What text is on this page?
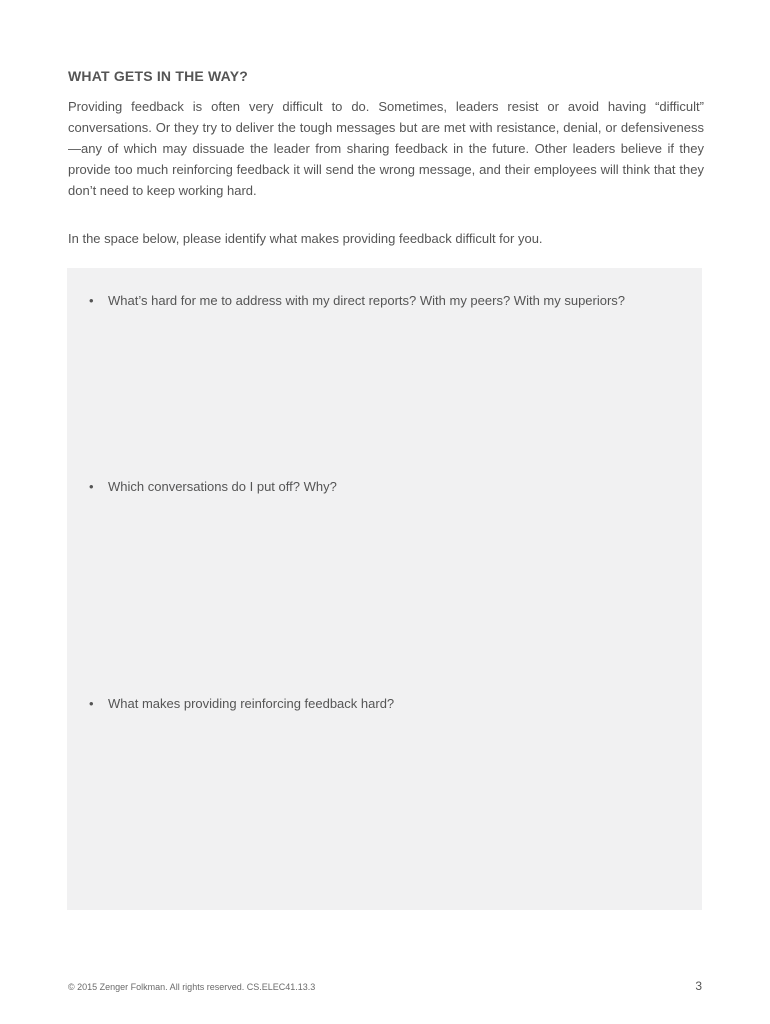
WHAT GETS IN THE WAY?

Providing feedback is often very difficult to do. Sometimes, leaders resist or avoid having “difficult” conversations. Or they try to deliver the tough messages but are met with resistance, denial, or defensiveness—any of which may dissuade the leader from sharing feedback in the future. Other leaders believe if they provide too much reinforcing feedback it will send the wrong message, and their employees will think that they don’t need to keep working hard.

In the space below, please identify what makes providing feedback difficult for you.

•	What’s hard for me to address with my direct reports? With my peers? With my superiors?
•	Which conversations do I put off? Why?
•	What makes providing reinforcing feedback hard?
© 2015 Zenger Folkman. All rights reserved. CS.ELEC41.13.3	3
